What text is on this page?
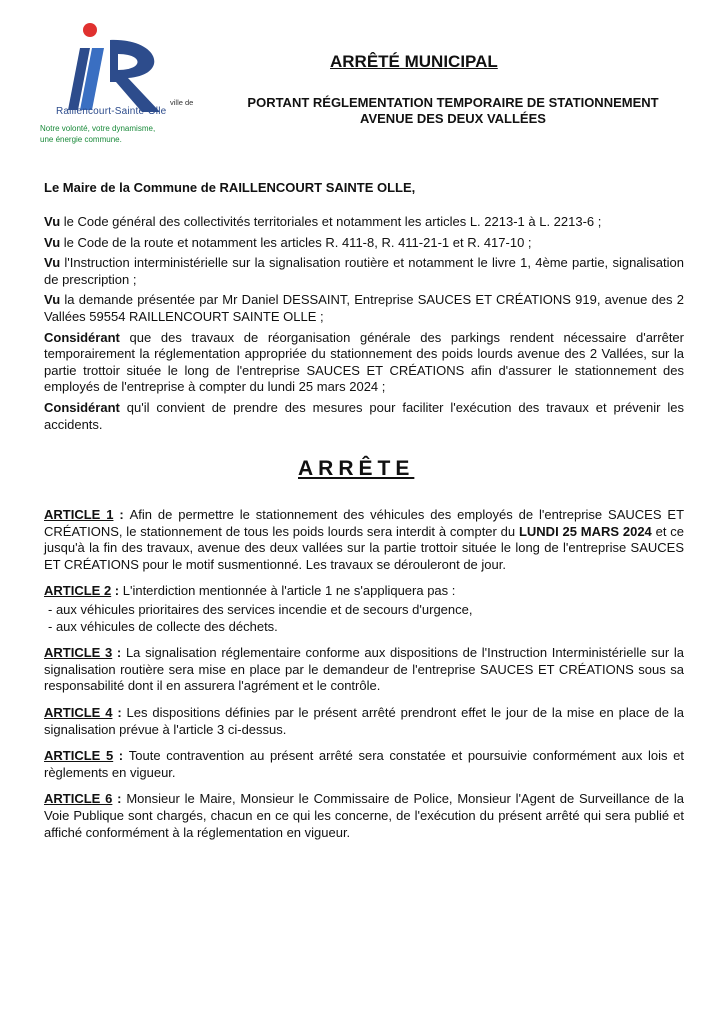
ville de
Raillencourt-Sainte-Olle
Notre volonté, votre dynamisme,
une énergie commune.
ARRÊTÉ MUNICIPAL
PORTANT RÉGLEMENTATION TEMPORAIRE DE STATIONNEMENT
AVENUE DES DEUX VALLÉES
Le Maire de la Commune de RAILLENCOURT SAINTE OLLE,

Vu le Code général des collectivités territoriales et notamment les articles L. 2213-1 à L. 2213-6 ;

Vu le Code de la route et notamment les articles R. 411-8, R. 411-21-1 et R. 417-10 ;

Vu l'Instruction interministérielle sur la signalisation routière et notamment le livre 1, 4ème partie, signalisation de prescription ;

Vu la demande présentée par Mr Daniel DESSAINT, Entreprise SAUCES ET CRÉATIONS 919, avenue des 2 Vallées 59554 RAILLENCOURT SAINTE OLLE ;

Considérant que des travaux de réorganisation générale des parkings rendent nécessaire d'arrêter temporairement la réglementation appropriée du stationnement des poids lourds avenue des 2 Vallées, sur la partie trottoir située le long de l'entreprise SAUCES ET CRÉATIONS afin d'assurer le stationnement des employés de l'entreprise à compter du lundi 25 mars 2024 ;

Considérant qu'il convient de prendre des mesures pour faciliter l'exécution des travaux et prévenir les accidents.

ARRÊTE

ARTICLE 1 : Afin de permettre le stationnement des véhicules des employés de l'entreprise SAUCES ET CRÉATIONS, le stationnement de tous les poids lourds sera interdit à compter du LUNDI 25 MARS 2024 et ce jusqu'à la fin des travaux, avenue des deux vallées sur la partie trottoir située le long de l'entreprise SAUCES ET CRÉATIONS pour le motif susmentionné. Les travaux se dérouleront de jour.

ARTICLE 2 : L'interdiction mentionnée à l'article 1 ne s'appliquera pas :
- aux véhicules prioritaires des services incendie et de secours d'urgence,
- aux véhicules de collecte des déchets.

ARTICLE 3 : La signalisation réglementaire conforme aux dispositions de l'Instruction Interministérielle sur la signalisation routière sera mise en place par le demandeur de l'entreprise SAUCES ET CRÉATIONS sous sa responsabilité dont il en assurera l'agrément et le contrôle.

ARTICLE 4 : Les dispositions définies par le présent arrêté prendront effet le jour de la mise en place de la signalisation prévue à l'article 3 ci-dessus.

ARTICLE 5 : Toute contravention au présent arrêté sera constatée et poursuivie conformément aux lois et règlements en vigueur.

ARTICLE 6 : Monsieur le Maire, Monsieur le Commissaire de Police, Monsieur l'Agent de Surveillance de la Voie Publique sont chargés, chacun en ce qui les concerne, de l'exécution du présent arrêté qui sera publié et affiché conformément à la réglementation en vigueur.
